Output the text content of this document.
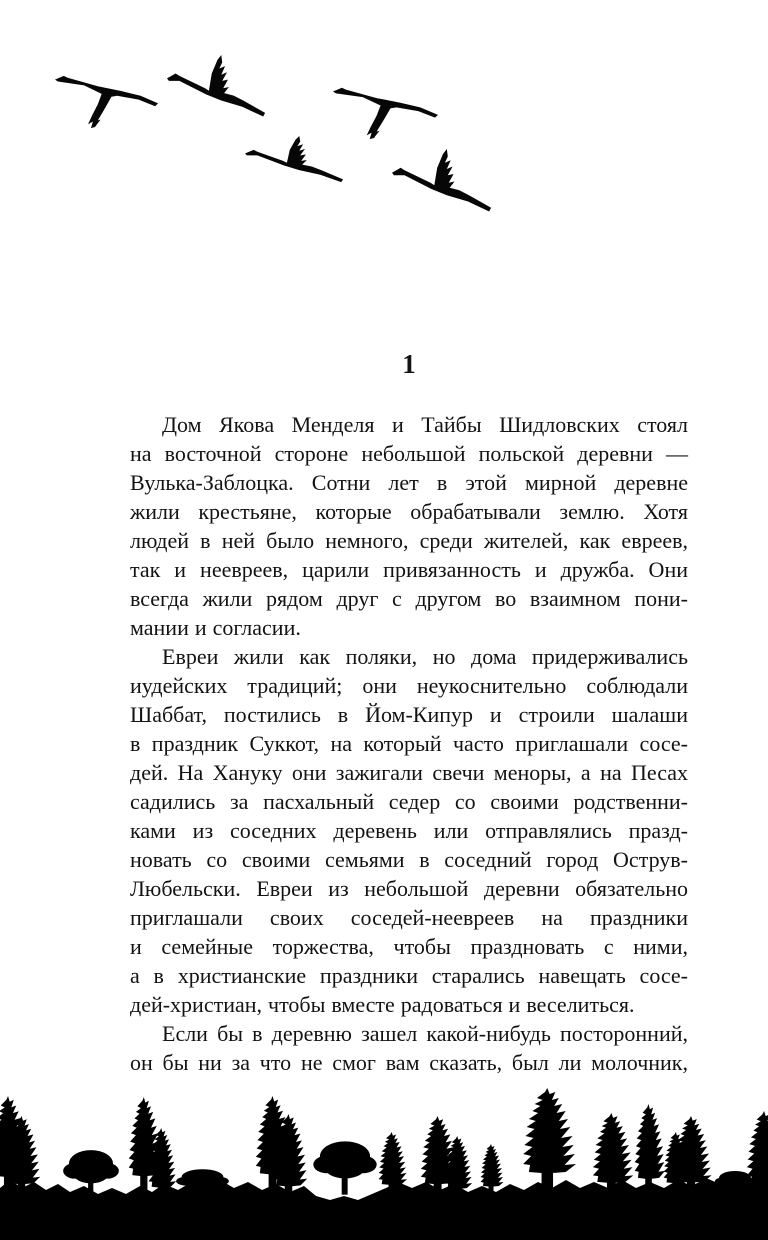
1
Дом Якова Менделя и Тайбы Шидловских стоял
на восточной стороне небольшой польской деревни —
Вулька-Заблоцка. Сотни лет в этой мирной деревне
жили крестьяне, которые обрабатывали землю. Хотя
людей в ней было немного, среди жителей, как евреев,
так и неевреев, царили привязанность и дружба. Они
всегда жили рядом друг с другом во взаимном пони-
мании и согласии.
Евреи жили как поляки, но дома придерживались
иудейских традиций; они неукоснительно соблюдали
Шаббат, постились в Йом-Кипур и строили шалаши
в праздник Суккот, на который часто приглашали сосе-
дей. На Хануку они зажигали свечи меноры, а на Песах
садились за пасхальный седер со своими родственни-
ками из соседних деревень или отправлялись празд-
новать со своими семьями в соседний город Острув-
Любельски. Евреи из небольшой деревни обязательно
приглашали своих соседей-неевреев на праздники
и семейные торжества, чтобы праздновать с ними,
а в христианские праздники старались навещать сосе-
дей-христиан, чтобы вместе радоваться и веселиться.
Если бы в деревню зашел какой-нибудь посторонний,
он бы ни за что не смог вам сказать, был ли молочник,
